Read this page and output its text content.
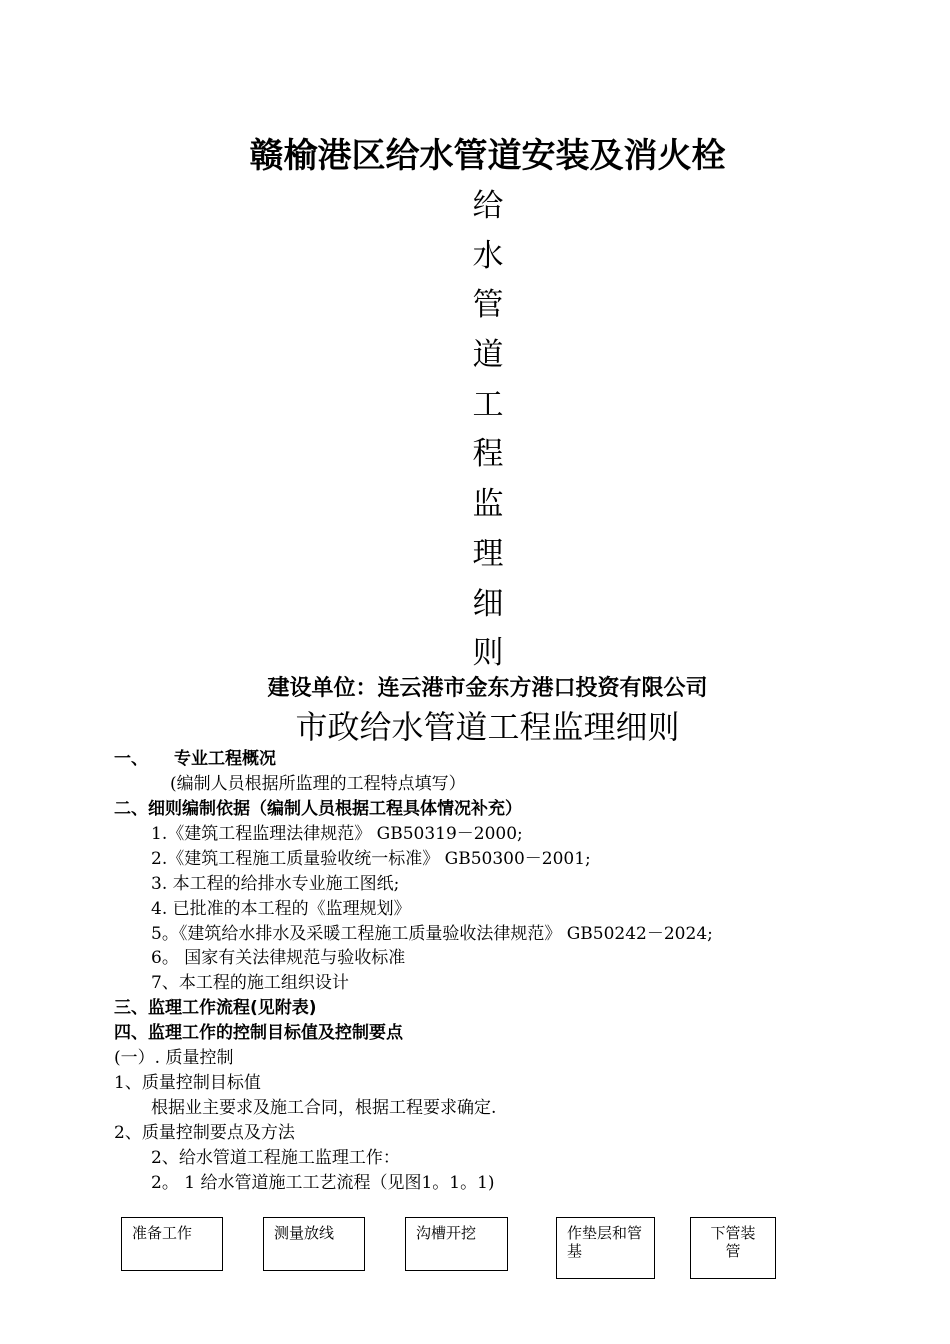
赣榆港区给水管道安装及消火栓
给
水
管
道
工
程
监
理
细
则
建设单位：连云港市金东方港口投资有限公司
市政给水管道工程监理细则
一、 专业工程概况
(编制人员根据所监理的工程特点填写）
二、细则编制依据（编制人员根据工程具体情况补充）
1.《建筑工程监理法律规范》 GB50319－2000;
2.《建筑工程施工质量验收统一标准》 GB50300－2001;
3. 本工程的给排水专业施工图纸;
4. 已批准的本工程的《监理规划》
5。《建筑给水排水及采暖工程施工质量验收法律规范》 GB50242－2024;
6。 国家有关法律规范与验收标准
7、本工程的施工组织设计
三、监理工作流程(见附表)
四、监理工作的控制目标值及控制要点
(一）. 质量控制
1、质量控制目标值
根据业主要求及施工合同，根据工程要求确定.
2、质量控制要点及方法
2、给水管道工程施工监理工作：
2。 1 给水管道施工工艺流程（见图1。1。1)
准备工作	测量放线	沟槽开挖	作垫层和管基
下管装管
